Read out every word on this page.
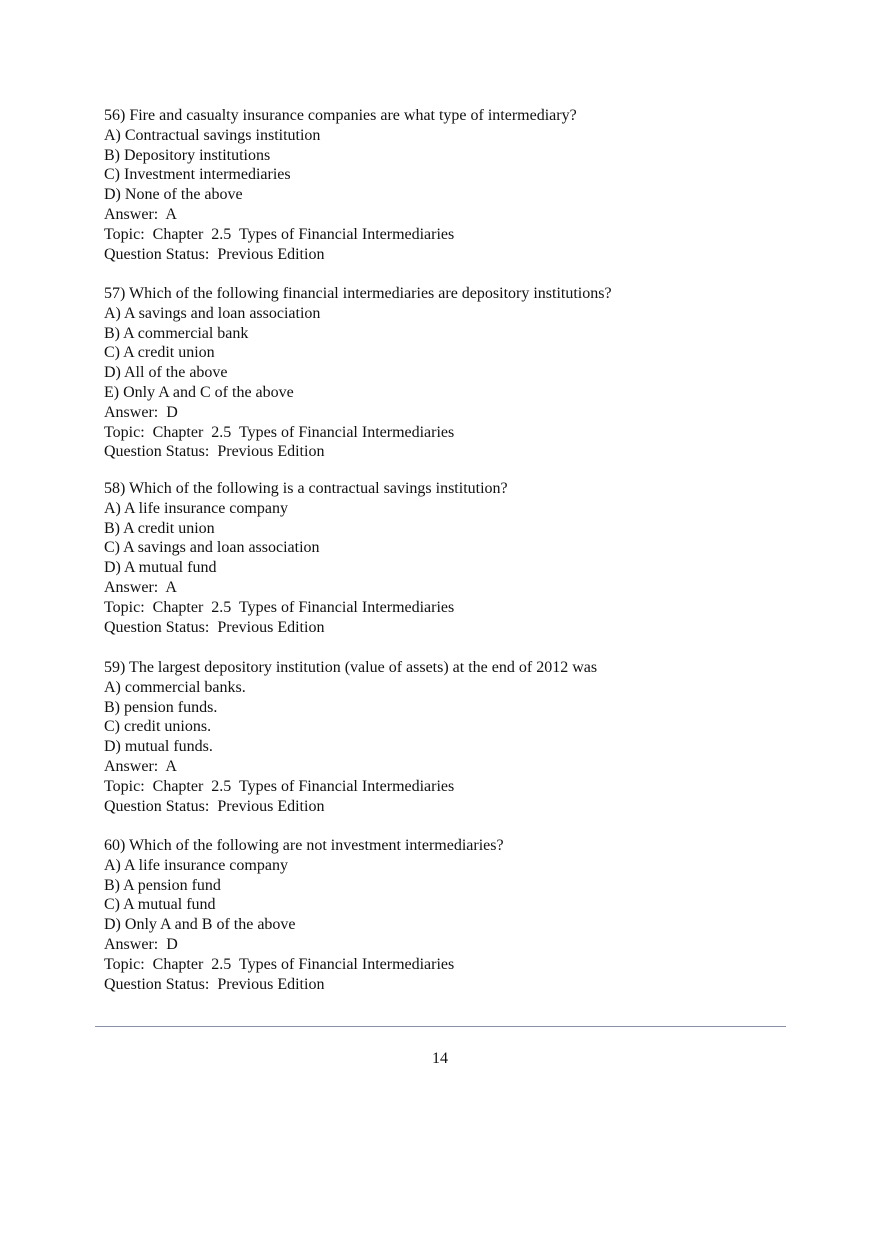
56) Fire and casualty insurance companies are what type of intermediary?

A) Contractual savings institution

B) Depository institutions

C) Investment intermediaries

D) None of the above

Answer:  A

Topic:  Chapter  2.5  Types of Financial Intermediaries

Question Status:  Previous Edition

57) Which of the following financial intermediaries are depository institutions?

A) A savings and loan association

B) A commercial bank

C) A credit union

D) All of the above

E) Only A and C of the above

Answer:  D

Topic:  Chapter  2.5  Types of Financial Intermediaries

Question Status:  Previous Edition

58) Which of the following is a contractual savings institution?

A) A life insurance company

B) A credit union

C) A savings and loan association

D) A mutual fund

Answer:  A

Topic:  Chapter  2.5  Types of Financial Intermediaries

Question Status:  Previous Edition

59) The largest depository institution (value of assets) at the end of 2012 was

A) commercial banks.

B) pension funds.

C) credit unions.

D) mutual funds.

Answer:  A

Topic:  Chapter  2.5  Types of Financial Intermediaries

Question Status:  Previous Edition

60) Which of the following are not investment intermediaries?

A) A life insurance company

B) A pension fund

C) A mutual fund

D) Only A and B of the above

Answer:  D

Topic:  Chapter  2.5  Types of Financial Intermediaries

Question Status:  Previous Edition

14
